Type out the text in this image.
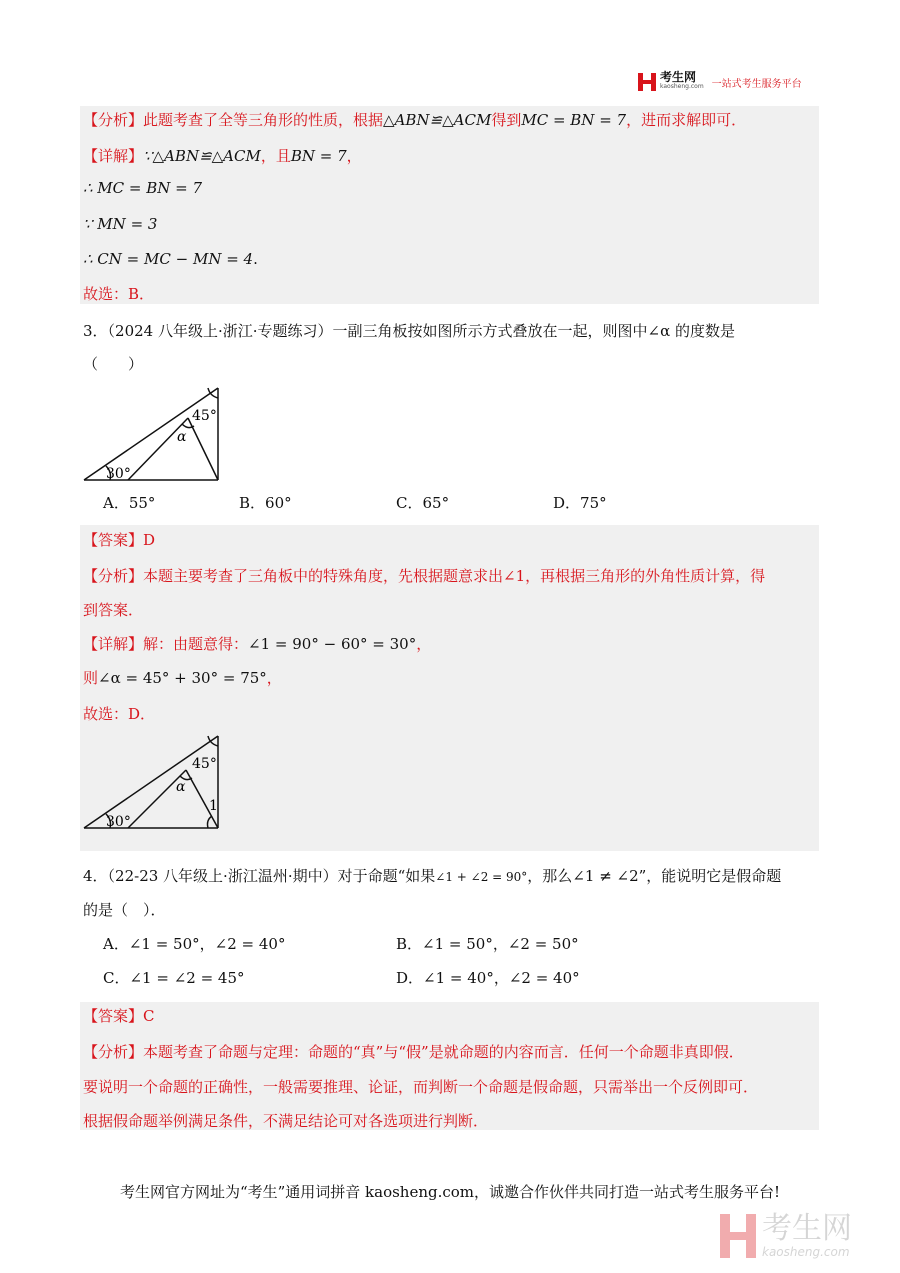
考生网
kaosheng.com 一站式考生服务平台
【分析】此题考查了全等三角形的性质，根据△ABN≌△ACM得到MC = BN = 7，进而求解即可．
【详解】∵△ABN≌△ACM，且BN = 7，
∴ MC = BN = 7
∵ MN = 3
∴ CN = MC − MN = 4.
故选：B．
3．（2024 八年级上·浙江·专题练习）一副三角板按如图所示方式叠放在一起，则图中∠α 的度数是
（　　）
45°
α
30°
A．55°	B．60°	C．65°	D．75°
【答案】D
【分析】本题主要考查了三角板中的特殊角度，先根据题意求出∠1，再根据三角形的外角性质计算，得
到答案．
【详解】解：由题意得：∠1 = 90° − 60° = 30°，
则∠α = 45° + 30° = 75°，
故选：D．
45°
α
30°
1
4．（22-23 八年级上·浙江温州·期中）对于命题“如果∠1 + ∠2 = 90°，那么∠1 ≠ ∠2”，能说明它是假命题
的是（　）．
A．∠1 = 50°，∠2 = 40°	B．∠1 = 50°，∠2 = 50°
C．∠1 = ∠2 = 45°	D．∠1 = 40°，∠2 = 40°
【答案】C
【分析】本题考查了命题与定理：命题的“真”与“假”是就命题的内容而言．任何一个命题非真即假．
要说明一个命题的正确性，一般需要推理、论证，而判断一个命题是假命题，只需举出一个反例即可．
根据假命题举例满足条件，不满足结论可对各选项进行判断．
考生网官方网址为“考生”通用词拼音 kaosheng.com，诚邀合作伙伴共同打造一站式考生服务平台!
考生网
kaosheng.com
